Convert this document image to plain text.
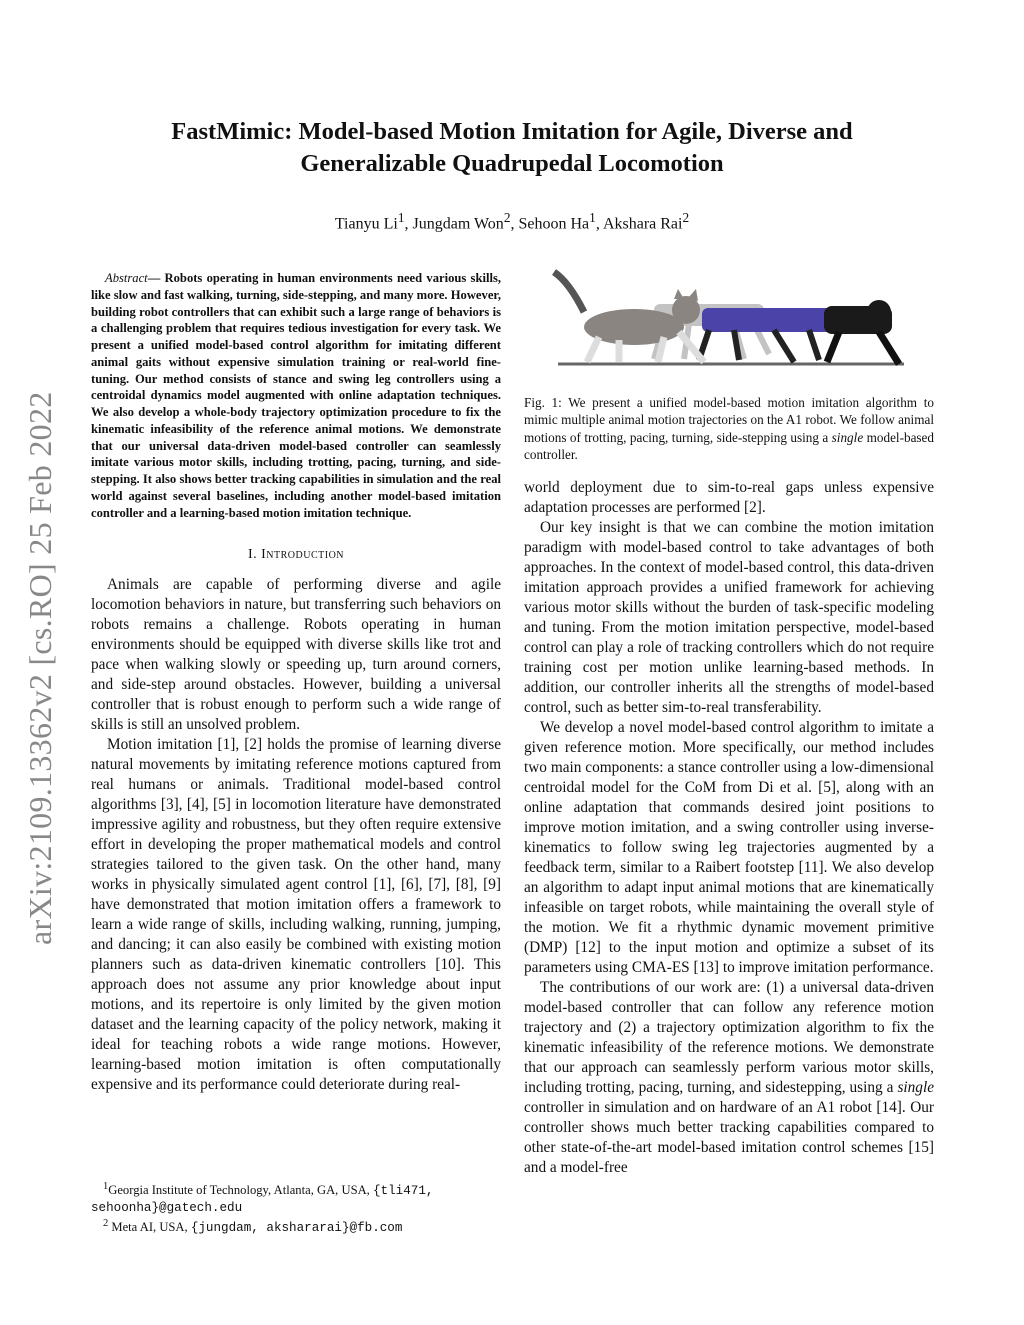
FastMimic: Model-based Motion Imitation for Agile, Diverse and
Generalizable Quadrupedal Locomotion
Tianyu Li$^1$, Jungdam Won$^2$, Sehoon Ha$^1$, Akshara Rai$^2$
arXiv:2109.13362v2 [cs.RO] 25 Feb 2022

Abstract— Robots operating in human environments need various skills, like slow and fast walking, turning, side-stepping, and many more. However, building robot controllers that can exhibit such a large range of behaviors is a challenging problem that requires tedious investigation for every task. We present a unified model-based control algorithm for imitating different animal gaits without expensive simulation training or real-world fine-tuning. Our method consists of stance and swing leg controllers using a centroidal dynamics model augmented with online adaptation techniques. We also develop a whole-body trajectory optimization procedure to fix the kinematic infeasibility of the reference animal motions. We demonstrate that our universal data-driven model-based controller can seamlessly imitate various motor skills, including trotting, pacing, turning, and side-stepping. It also shows better tracking capabilities in simulation and the real world against several baselines, including another model-based imitation controller and a learning-based motion imitation technique.

I. Introduction

Animals are capable of performing diverse and agile locomotion behaviors in nature, but transferring such behaviors on robots remains a challenge. Robots operating in human environments should be equipped with diverse skills like trot and pace when walking slowly or speeding up, turn around corners, and side-step around obstacles. However, building a universal controller that is robust enough to perform such a wide range of skills is still an unsolved problem.

Motion imitation [1], [2] holds the promise of learning diverse natural movements by imitating reference motions captured from real humans or animals. Traditional model-based control algorithms [3], [4], [5] in locomotion literature have demonstrated impressive agility and robustness, but they often require extensive effort in developing the proper mathematical models and control strategies tailored to the given task. On the other hand, many works in physically simulated agent control [1], [6], [7], [8], [9] have demonstrated that motion imitation offers a framework to learn a wide range of skills, including walking, running, jumping, and dancing; it can also easily be combined with existing motion planners such as data-driven kinematic controllers [10]. This approach does not assume any prior knowledge about input motions, and its repertoire is only limited by the given motion dataset and the learning capacity of the policy network, making it ideal for teaching robots a wide range motions. However, learning-based motion imitation is often computationally expensive and its performance could deteriorate during real-

Fig. 1: We present a unified model-based motion imitation algorithm to mimic multiple animal motion trajectories on the A1 robot. We follow animal motions of trotting, pacing, turning, side-stepping using a single model-based controller.

world deployment due to sim-to-real gaps unless expensive adaptation processes are performed [2].

Our key insight is that we can combine the motion imitation paradigm with model-based control to take advantages of both approaches. In the context of model-based control, this data-driven imitation approach provides a unified framework for achieving various motor skills without the burden of task-specific modeling and tuning. From the motion imitation perspective, model-based control can play a role of tracking controllers which do not require training cost per motion unlike learning-based methods. In addition, our controller inherits all the strengths of model-based control, such as better sim-to-real transferability.

We develop a novel model-based control algorithm to imitate a given reference motion. More specifically, our method includes two main components: a stance controller using a low-dimensional centroidal model for the CoM from Di et al. [5], along with an online adaptation that commands desired joint positions to improve motion imitation, and a swing controller using inverse-kinematics to follow swing leg trajectories augmented by a feedback term, similar to a Raibert footstep [11]. We also develop an algorithm to adapt input animal motions that are kinematically infeasible on target robots, while maintaining the overall style of the motion. We fit a rhythmic dynamic movement primitive (DMP) [12] to the input motion and optimize a subset of its parameters using CMA-ES [13] to improve imitation performance.

The contributions of our work are: (1) a universal data-driven model-based controller that can follow any reference motion trajectory and (2) a trajectory optimization algorithm to fix the kinematic infeasibility of the reference motions. We demonstrate that our approach can seamlessly perform various motor skills, including trotting, pacing, turning, and sidestepping, using a single controller in simulation and on hardware of an A1 robot [14]. Our controller shows much better tracking capabilities compared to other state-of-the-art model-based imitation control schemes [15] and a model-free

$^1$Georgia Institute of Technology, Atlanta, GA, USA, {tli471, sehoonha}@gatech.edu
$^2$ Meta AI, USA, {jungdam, akshararai}@fb.com
